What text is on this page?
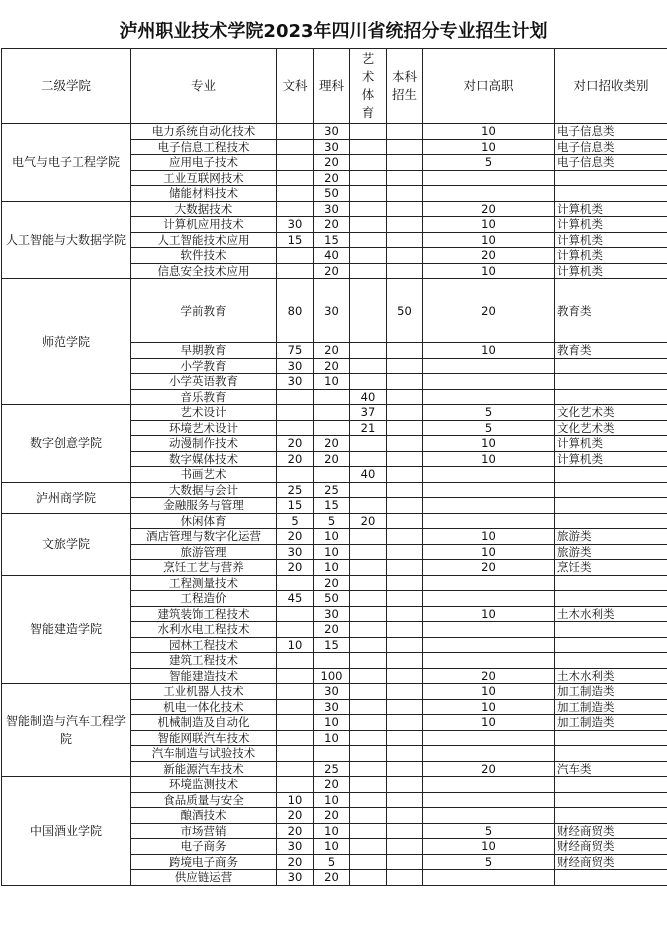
泸州职业技术学院2023年四川省统招分专业招生计划
二级学院	专业	文科	理科	艺术体育	本科招生	对口高职	对口招收类别
电气与电子工程学院	电力系统自动化技术		30			10	电子信息类
	电子信息工程技术		30			10	电子信息类
	应用电子技术		20			5	电子信息类
	工业互联网技术		20				
	储能材料技术		50				
人工智能与大数据学院	大数据技术		30			20	计算机类
	计算机应用技术	30	20			10	计算机类
	人工智能技术应用	15	15			10	计算机类
	软件技术		40			20	计算机类
	信息安全技术应用		20			10	计算机类
师范学院	学前教育	80	30		50	20	教育类
	早期教育	75	20			10	教育类
	小学教育	30	20				
	小学英语教育	30	10				
	音乐教育			40			
数字创意学院	艺术设计			37		5	文化艺术类
	环境艺术设计			21		5	文化艺术类
	动漫制作技术	20	20			10	计算机类
	数字媒体技术	20	20			10	计算机类
	书画艺术			40			
泸州商学院	大数据与会计	25	25				
	金融服务与管理	15	15				
文旅学院	休闲体育	5	5	20			
	酒店管理与数字化运营	20	10			10	旅游类
	旅游管理	30	10			10	旅游类
	烹饪工艺与营养	20	10			20	烹饪类
智能建造学院	工程测量技术		20				
	工程造价	45	50				
	建筑装饰工程技术		30			10	土木水利类
	水利水电工程技术		20				
	园林工程技术	10	15				
	建筑工程技术						
	智能建造技术		100			20	土木水利类
智能制造与汽车工程学院	工业机器人技术		30			10	加工制造类
	机电一体化技术		30			10	加工制造类
	机械制造及自动化		10			10	加工制造类
	智能网联汽车技术		10				
	汽车制造与试验技术						
	新能源汽车技术		25			20	汽车类
中国酒业学院	环境监测技术		20				
	食品质量与安全	10	10				
	酿酒技术	20	20				
	市场营销	20	10			5	财经商贸类
	电子商务	30	10			10	财经商贸类
	跨境电子商务	20	5			5	财经商贸类
	供应链运营	30	20				
